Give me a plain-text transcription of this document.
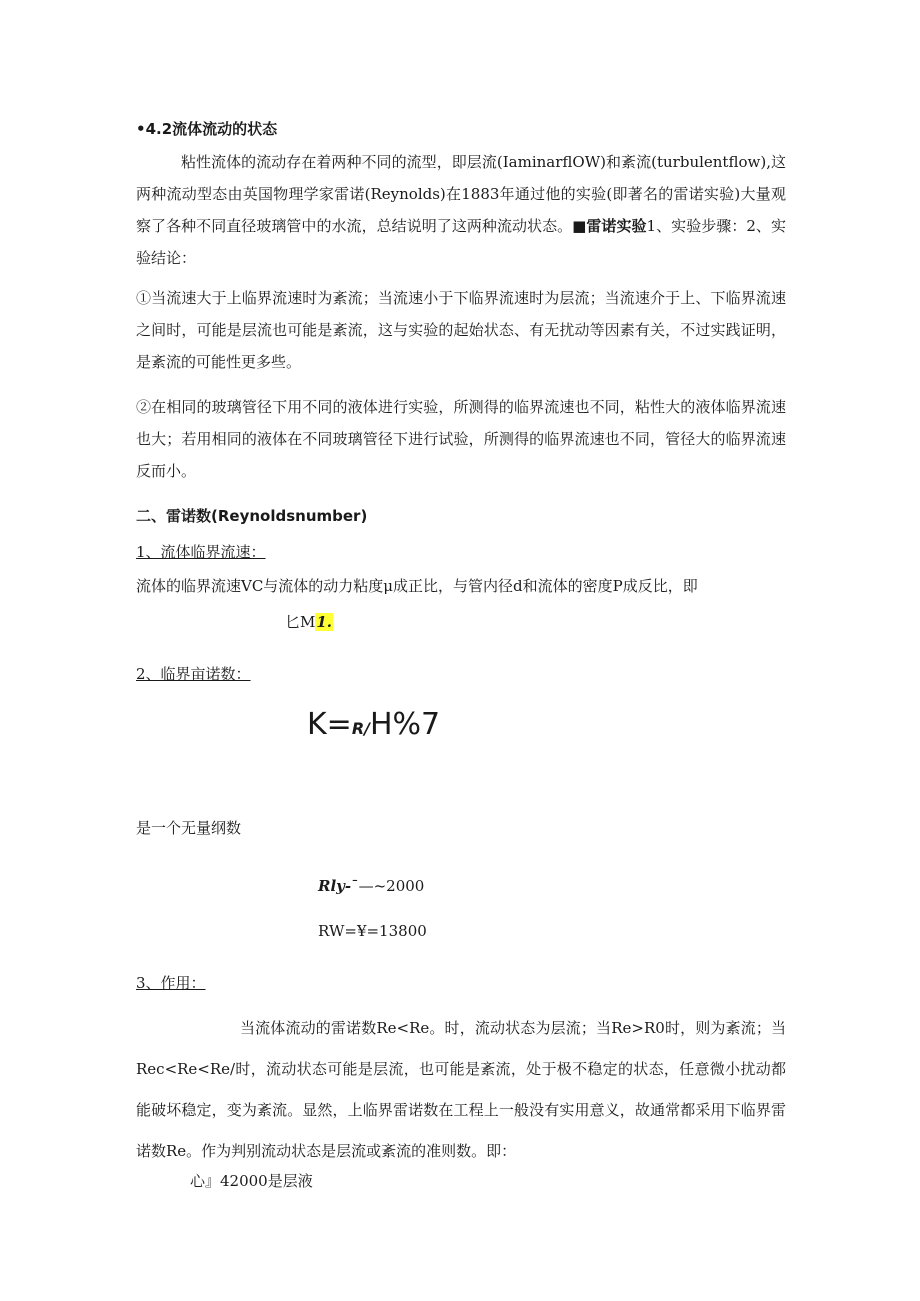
•4.2流体流动的状态
粘性流体的流动存在着两种不同的流型，即层流(IaminarflOW)和紊流(turbulentflow),这两种流动型态由英国物理学家雷诺(Reynolds)在1883年通过他的实验(即著名的雷诺实验)大量观察了各种不同直径玻璃管中的水流，总结说明了这两种流动状态。■雷诺实验1、实验步骤：2、实验结论：
①当流速大于上临界流速时为紊流；当流速小于下临界流速时为层流；当流速介于上、下临界流速之间时，可能是层流也可能是紊流，这与实验的起始状态、有无扰动等因素有关，不过实践证明，是紊流的可能性更多些。
②在相同的玻璃管径下用不同的液体进行实验，所测得的临界流速也不同，粘性大的液体临界流速也大；若用相同的液体在不同玻璃管径下进行试验，所测得的临界流速也不同，管径大的临界流速反而小。
二、雷诺数(Reynoldsnumber)
1、流体临界流速：
流体的临界流速VC与流体的动力粘度μ成正比，与管内径d和流体的密度P成反比，即
匕M1.
2、临界亩诺数：
K=R/H%7
是一个无量纲数
Rly-¯—~2000
RW=¥=13800
3、作用：
当流体流动的雷诺数Re<Re。时，流动状态为层流；当Re>R0时，则为紊流；当Rec<Re<Re/时，流动状态可能是层流，也可能是紊流，处于极不稳定的状态，任意微小扰动都能破坏稳定，变为紊流。显然，上临界雷诺数在工程上一般没有实用意义，故通常都采用下临界雷诺数Re。作为判别流动状态是层流或紊流的准则数。即：
心』42000是层液
